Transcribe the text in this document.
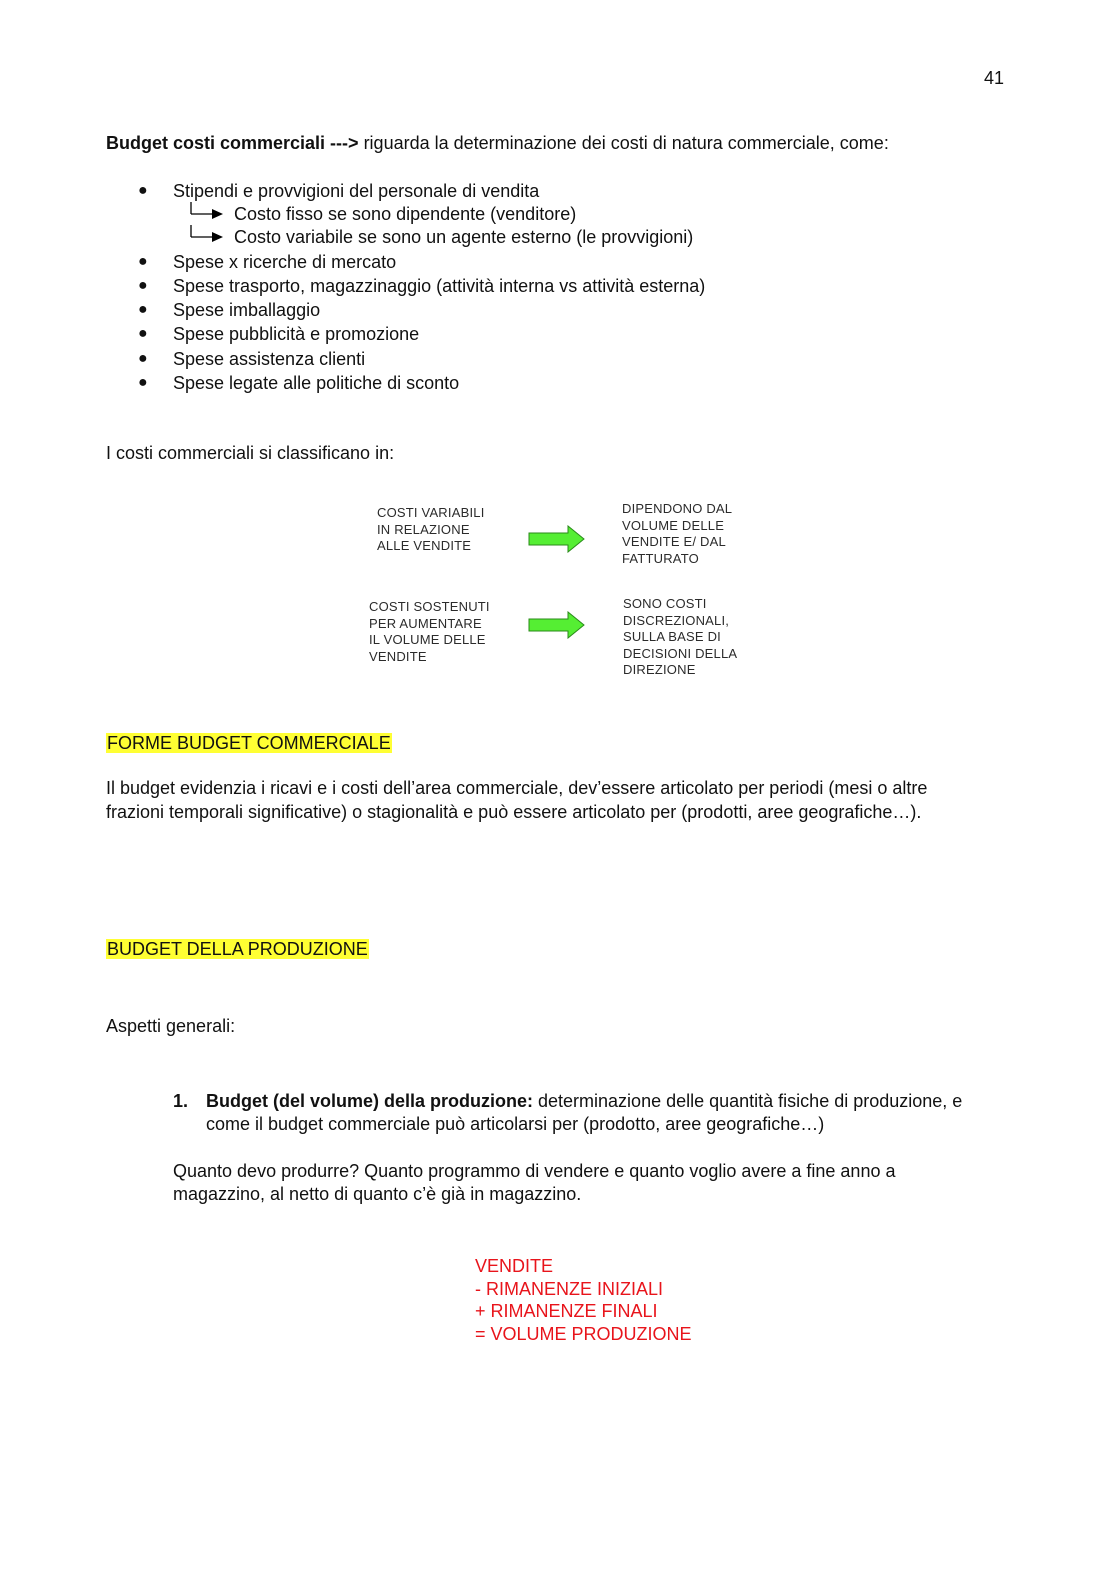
41
Budget costi commerciali ---> riguarda la determinazione dei costi di natura commerciale, come:
● Stipendi e provvigioni del personale di vendita
Costo fisso se sono dipendente (venditore)
Costo variabile se sono un agente esterno (le provvigioni)
● Spese x ricerche di mercato
● Spese trasporto, magazzinaggio (attività interna vs attività esterna)
● Spese imballaggio
● Spese pubblicità e promozione
● Spese assistenza clienti
● Spese legate alle politiche di sconto
I costi commerciali si classificano in:
COSTI VARIABILI
IN RELAZIONE
ALLE VENDITE
DIPENDONO DAL
VOLUME DELLE
VENDITE E/ DAL
FATTURATO
COSTI SOSTENUTI
PER AUMENTARE
IL VOLUME DELLE
VENDITE
SONO COSTI
DISCREZIONALI,
SULLA BASE DI
DECISIONI DELLA
DIREZIONE
FORME BUDGET COMMERCIALE
Il budget evidenzia i ricavi e i costi dell’area commerciale, dev’essere articolato per periodi (mesi o altre
frazioni temporali significative) o stagionalità e può essere articolato per (prodotti, aree geografiche…).
BUDGET DELLA PRODUZIONE
Aspetti generali:
1. Budget (del volume) della produzione: determinazione delle quantità fisiche di produzione, e
come il budget commerciale può articolarsi per (prodotto, aree geografiche…)
Quanto devo produrre? Quanto programmo di vendere e quanto voglio avere a fine anno a
magazzino, al netto di quanto c’è già in magazzino.
VENDITE
- RIMANENZE INIZIALI
+ RIMANENZE FINALI
= VOLUME PRODUZIONE
